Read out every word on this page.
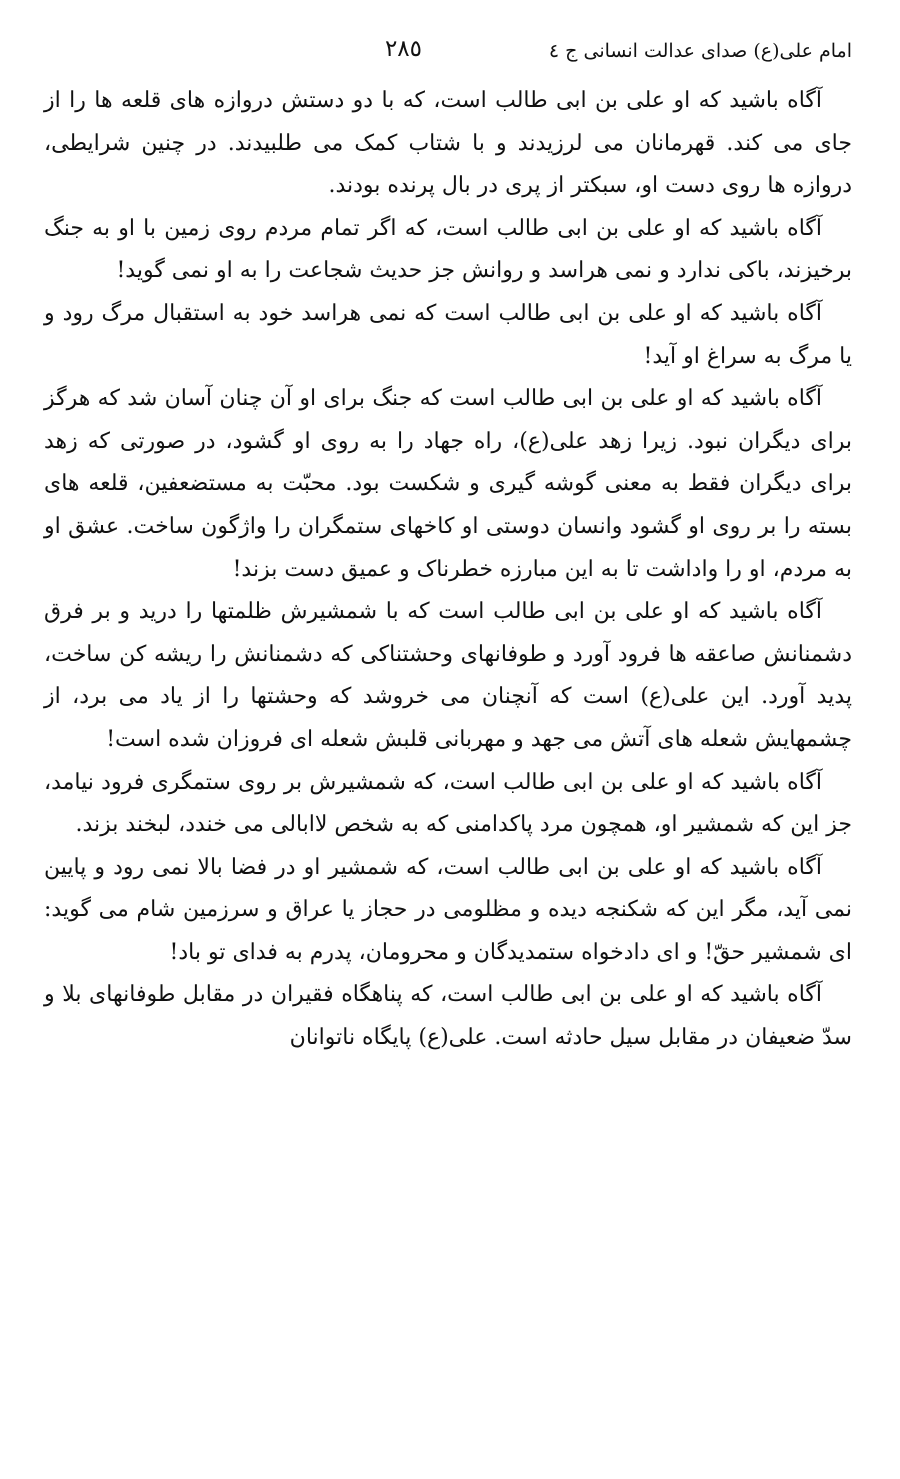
امام علی(ع) صدای عدالت انسانی ج ٤
٢٨٥

آگاه باشید که او علی بن ابی طالب است، که با دو دستش دروازه های قلعه ها را از جای می کند. قهرمانان می لرزیدند و با شتاب کمک می طلبیدند. در چنین شرایطی، دروازه ها روی دست او، سبکتر از پری در بال پرنده بودند.

آگاه باشید که او علی بن ابی طالب است، که اگر تمام مردم روی زمین با او به جنگ برخیزند، باکی ندارد و نمی هراسد و روانش جز حدیث شجاعت را به او نمی گوید!

آگاه باشید که او علی بن ابی طالب است که نمی هراسد خود به استقبال مرگ رود و یا مرگ به سراغ او آید!

آگاه باشید که او علی بن ابی طالب است که جنگ برای او آن چنان آسان شد که هرگز برای دیگران نبود. زیرا زهد علی(ع)، راه جهاد را به روی او گشود، در صورتی که زهد برای دیگران فقط به معنی گوشه گیری و شکست بود. محبّت به مستضعفین، قلعه های بسته را بر روی او گشود وانسان دوستی او کاخهای ستمگران را واژگون ساخت. عشق او به مردم، او را واداشت تا به این مبارزه خطرناک و عمیق دست بزند!

آگاه باشید که او علی بن ابی طالب است که با شمشیرش ظلمتها را درید و بر فرق دشمنانش صاعقه ها فرود آورد و طوفانهای وحشتناکی که دشمنانش را ریشه کن ساخت، پدید آورد. این علی(ع) است که آنچنان می خروشد که وحشتها را از یاد می برد، از چشمهایش شعله های آتش می جهد و مهربانی قلبش شعله ای فروزان شده است!

آگاه باشید که او علی بن ابی طالب است، که شمشیرش بر روی ستمگری فرود نیامد، جز این که شمشیر او، همچون مرد پاکدامنی که به شخص لاابالی می خندد، لبخند بزند.

آگاه باشید که او علی بن ابی طالب است، که شمشیر او در فضا بالا نمی رود و پایین نمی آید، مگر این که شکنجه دیده و مظلومی در حجاز یا عراق و سرزمین شام می گوید: ای شمشیر حقّ! و ای دادخواه ستمدیدگان و محرومان، پدرم به فدای تو باد!

آگاه باشید که او علی بن ابی طالب است، که پناهگاه فقیران در مقابل طوفانهای بلا و سدّ ضعیفان در مقابل سیل حادثه است. علی(ع) پایگاه ناتوانان
